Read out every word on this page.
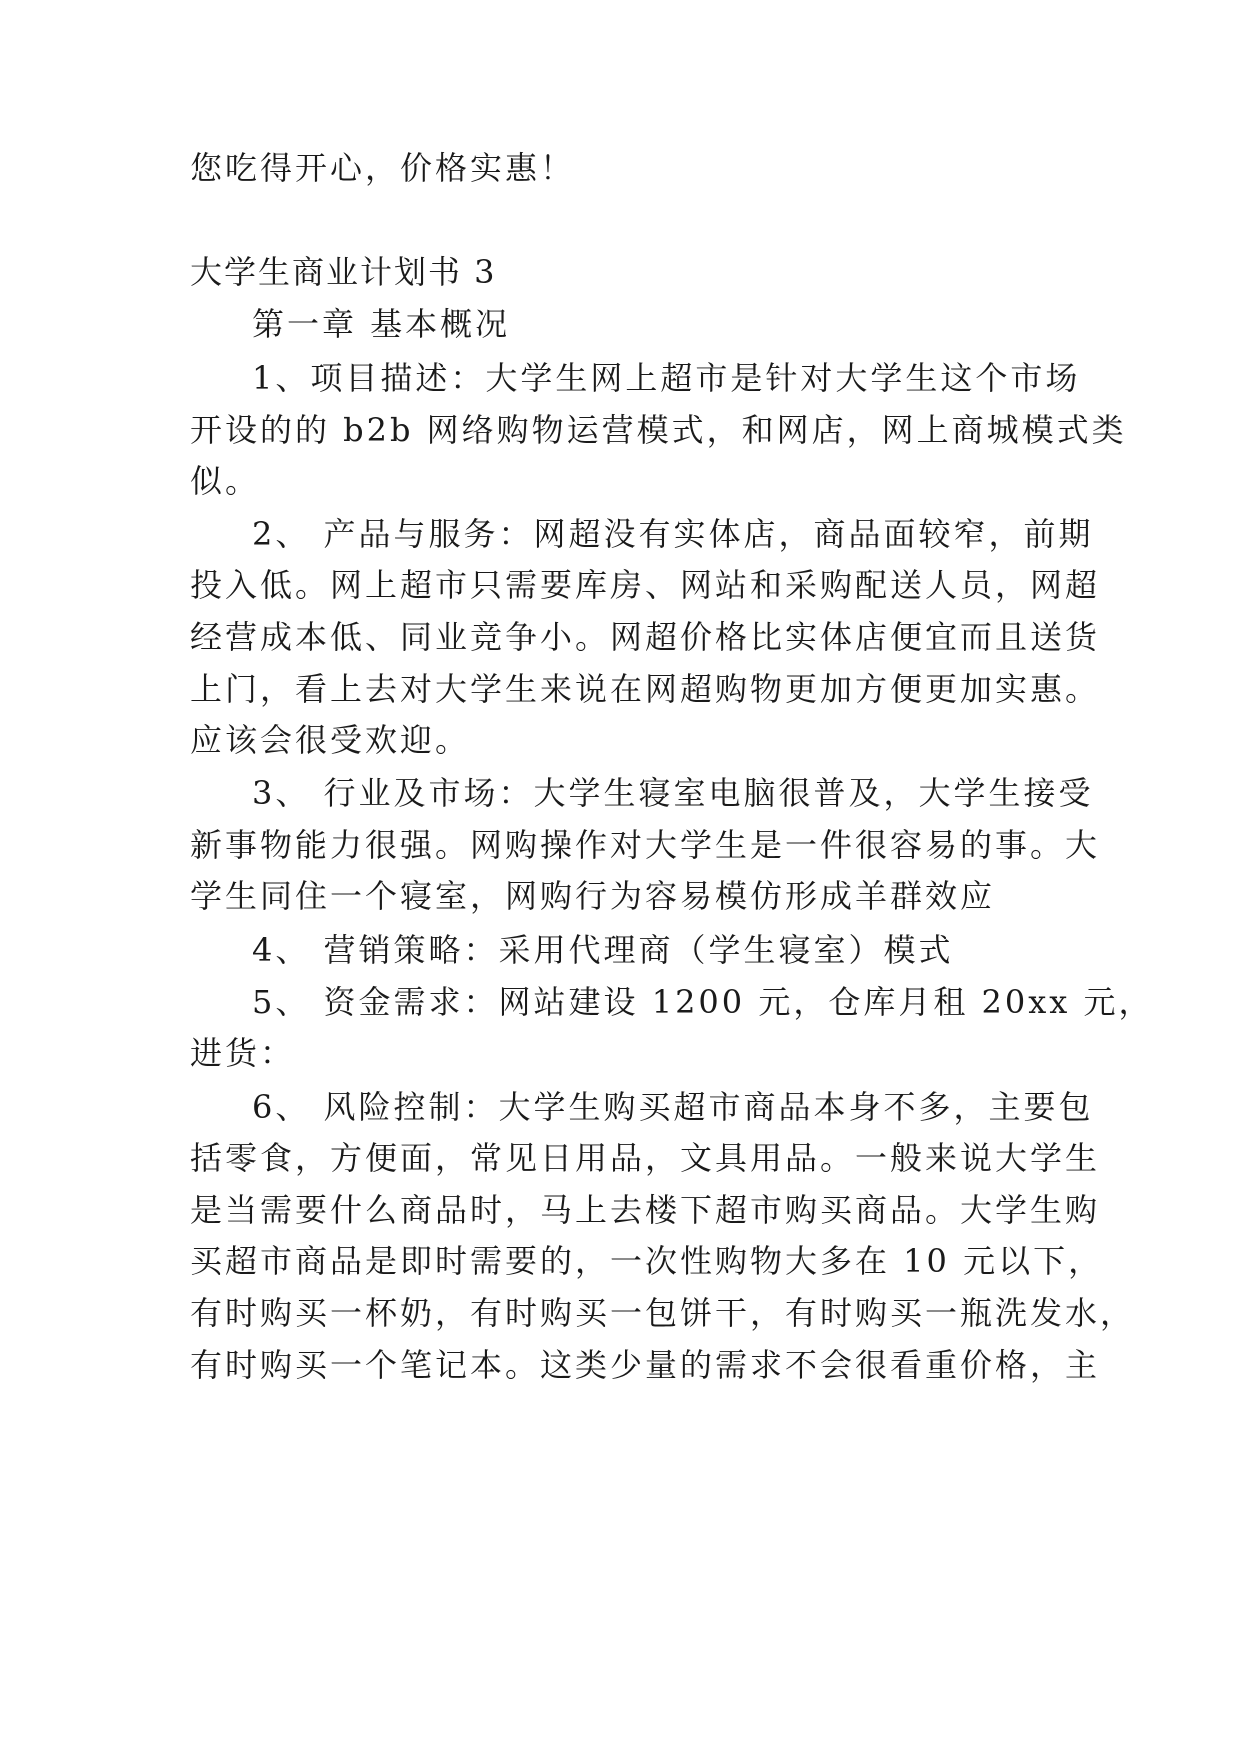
您吃得开心，价格实惠！
大学生商业计划书 3
第一章 基本概况
1、项目描述：大学生网上超市是针对大学生这个市场
开设的的 b2b 网络购物运营模式，和网店，网上商城模式类
似。
2、 产品与服务：网超没有实体店，商品面较窄，前期
投入低。网上超市只需要库房、网站和采购配送人员，网超
经营成本低、同业竞争小。网超价格比实体店便宜而且送货
上门，看上去对大学生来说在网超购物更加方便更加实惠。
应该会很受欢迎。
3、 行业及市场：大学生寝室电脑很普及，大学生接受
新事物能力很强。网购操作对大学生是一件很容易的事。大
学生同住一个寝室，网购行为容易模仿形成羊群效应
4、 营销策略：采用代理商（学生寝室）模式
5、 资金需求：网站建设 1200 元，仓库月租 20xx 元，
进货：
6、 风险控制：大学生购买超市商品本身不多，主要包
括零食，方便面，常见日用品，文具用品。一般来说大学生
是当需要什么商品时，马上去楼下超市购买商品。大学生购
买超市商品是即时需要的，一次性购物大多在 10 元以下，
有时购买一杯奶，有时购买一包饼干，有时购买一瓶洗发水，
有时购买一个笔记本。这类少量的需求不会很看重价格，主
